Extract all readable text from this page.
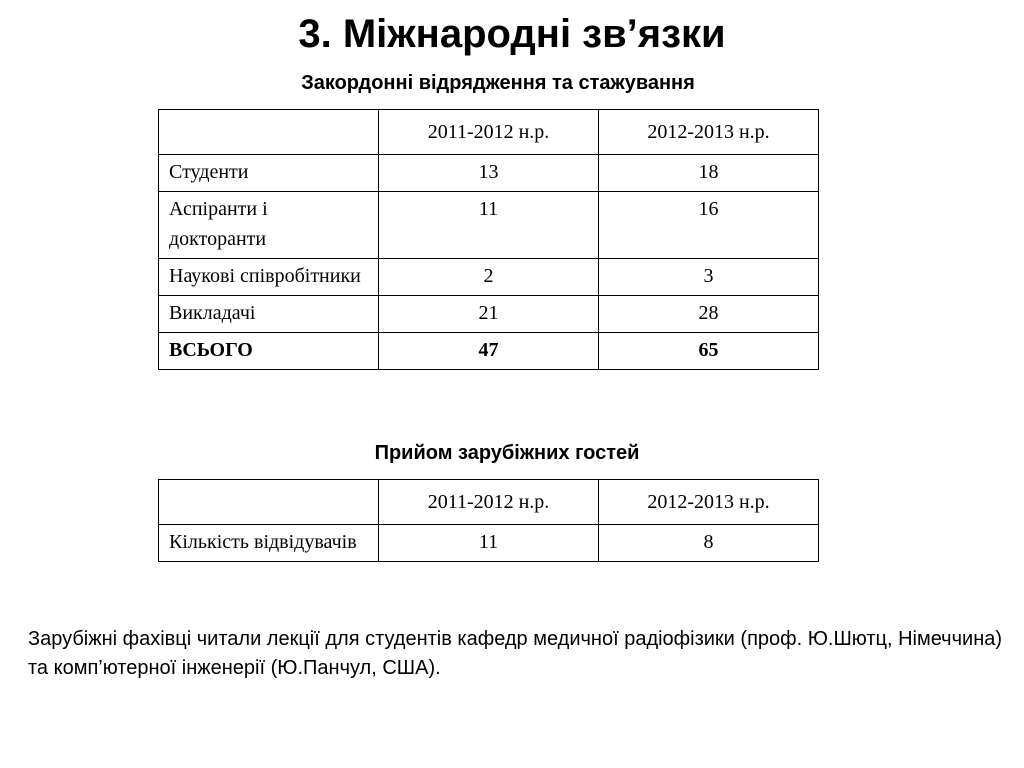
3. Міжнародні зв’язки
Закордонні відрядження та стажування
	2011-2012 н.р.	2012-2013 н.р.
Студенти	13	18
Аспіранти і докторанти	11	16
Наукові співробітники	2	3
Викладачі	21	28
ВСЬОГО	47	65
Прийом зарубіжних гостей
	2011-2012 н.р.	2012-2013 н.р.
Кількість відвідувачів	11	8
Зарубіжні фахівці читали лекції для студентів кафедр медичної радіофізики (проф. Ю.Шютц, Німеччина) та комп’ютерної інженерії (Ю.Панчул, США).
